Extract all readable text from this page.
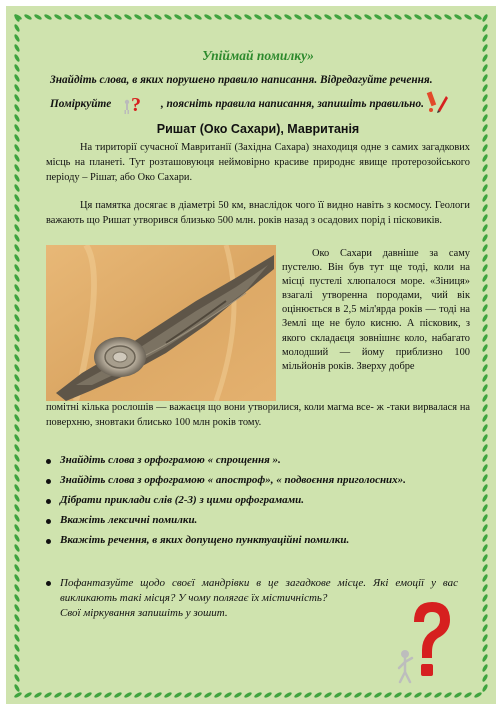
Упіймай помилку»
Знайдіть слова, в яких порушено правило написання. Відредагуйте речення.
Поміркуйте	, поясніть правила написання, запишіть правильно.
?
Ришат (Око Сахари), Мавританія
На тириторії сучасної Мавританії (Західна Сахара) знаходиця одне з самих загадкових місць на планеті. Тут розташовуюця неймовірно красиве природнє явище протерозойського періоду – Рішат, або Око Сахари.
Ця памятка досягає в діаметрі 50 км, внаслідок чого її видно навіть з космосу. Геологи важають що Ришат утворився близько 500 млн. років назад з осадових порід і пісковиків.
Око Сахари давніше за саму пустелю. Він був тут ще тоді, коли на місці пустелі хлюпалося море. «Зіниця» взагалі утворенна породами, чий вік оцінюється в 2,5 міл'ярда років — тоді на Землі ще не було кисню. А пісковик, з якого складаєця зовнішнє коло, набагато молодший — йому приблизно 100 мільйонів років. Зверху добре
помітні кілька рослошів — важаєця що вони утворилися, коли магма все- ж -таки вирвалася на поверхню, зновтаки блисько 100 млн років тому.
Знайдіть слова з орфограмою « спрощення ».
Знайдіть слова з орфограмою « апостроф», « подвоєння приголосних».
Дібрати приклади слів (2-3) з цими орфограмами.
Вкажіть лексичні помилки.
Вкажіть речення, в яких допущено пунктуаційні помилки.
Пофантазуйте щодо своєї мандрівки в це загадкове місце. Які емоції у вас
викликають такі місця? У чому полягає їх містичність?
Свої міркування запишіть у зошит.
